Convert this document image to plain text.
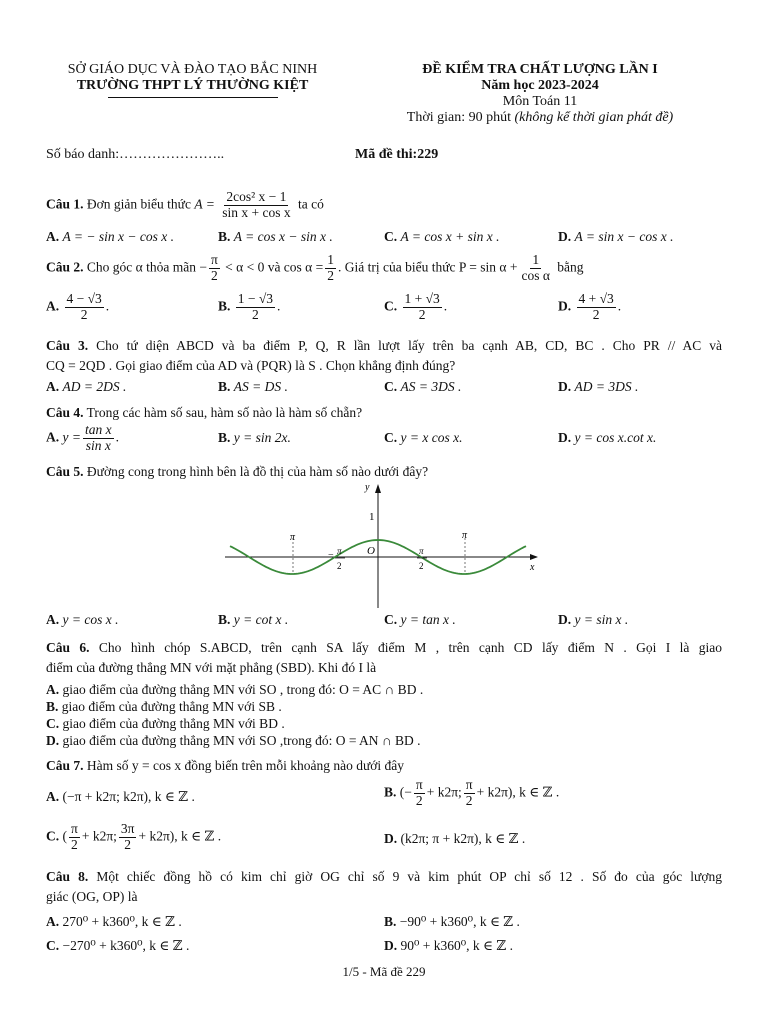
SỞ GIÁO DỤC VÀ ĐÀO TẠO BẮC NINH
TRƯỜNG THPT LÝ THƯỜNG KIỆT
ĐỀ KIỂM TRA CHẤT LƯỢNG LẦN I
Năm học 2023-2024
Môn Toán 11
Thời gian: 90 phút (không kể thời gian phát đề)
Số báo danh:…………………..	Mã đề thi:229
Câu 1. Đơn giản biểu thức $A = \frac{\text{2cos² x − 1}}{\text{sin x + cos x}}$ ta có
A. A = − sin x − cos x .	B. A = cos x − sin x .	C. A = cos x + sin x .	D. A = sin x − cos x .
Câu 2. Cho góc α thỏa mãn − $\frac{\pi}{2} < \alpha < 0$ và $\cos \alpha = \frac{1}{2}$ . Giá trị của biểu thức $P = \sin \alpha + \frac{1}{\text{cos α}}$ bằng
A. $\frac{4 - √3}{2}$ .	B. $\frac{1 - √3}{2}$ .	C. $\frac{1 + √3}{2}$ .	D. $\frac{4 + √3}{2}$ .
Câu 3. Cho tứ diện ABCD và ba điểm P, Q, R lần lượt lấy trên ba cạnh AB, CD, BC . Cho PR // AC và
CQ = 2QD . Gọi giao điểm của AD và (PQR) là S . Chọn khẳng định đúng?
A. AD = 2DS .	B. AS = DS .	C. AS = 3DS .	D. AD = 3DS .
Câu 4. Trong các hàm số sau, hàm số nào là hàm số chẵn?
A. $y = \frac{\text{tan x}}{\text{sin x}}$ .	B. y = sin 2x.	C. y = x cos x.	D. y = cos x.cot x.
Câu 5. Đường cong trong hình bên là đồ thị của hàm số nào dưới đây?
y
x
1
O
π	π
− π
2
π
2
A. y = cos x .	B. y = cot x .	C. y = tan x .	D. y = sin x .
Câu 6. Cho hình chóp S.ABCD, trên cạnh SA lấy điểm M , trên cạnh CD lấy điểm N . Gọi I là giao
điểm của đường thẳng MN với mặt phẳng (SBD). Khi đó I là
A. giao điểm của đường thẳng MN với SO , trong đó: O = AC ∩ BD .
B. giao điểm của đường thẳng MN với SB .
C. giao điểm của đường thẳng MN với BD .
D. giao điểm của đường thẳng MN với SO ,trong đó: O = AN ∩ BD .
Câu 7. Hàm số y = cos x đồng biến trên mỗi khoảng nào dưới đây
A. (−π + k2π; k2π), k ∈ ℤ .	B. (− $\frac{\pi}{2} + k2\pi$; $\frac{\pi}{2} + k2\pi$), k ∈ ℤ .
C. ( $\frac{\pi}{2} + k2\pi$; $\frac{3\pi}{2} + k2\pi$), k ∈ ℤ .	D. (k2π; π + k2π), k ∈ ℤ .
Câu 8. Một chiếc đồng hồ có kim chỉ giờ OG chỉ số 9 và kim phút OP chỉ số 12 . Số đo của góc lượng
giác (OG, OP) là
A. 270⁰ + k360⁰, k ∈ ℤ .	B. −90⁰ + k360⁰, k ∈ ℤ .
C. −270⁰ + k360⁰, k ∈ ℤ .	D. 90⁰ + k360⁰, k ∈ ℤ .
1/5 - Mã đề 229
